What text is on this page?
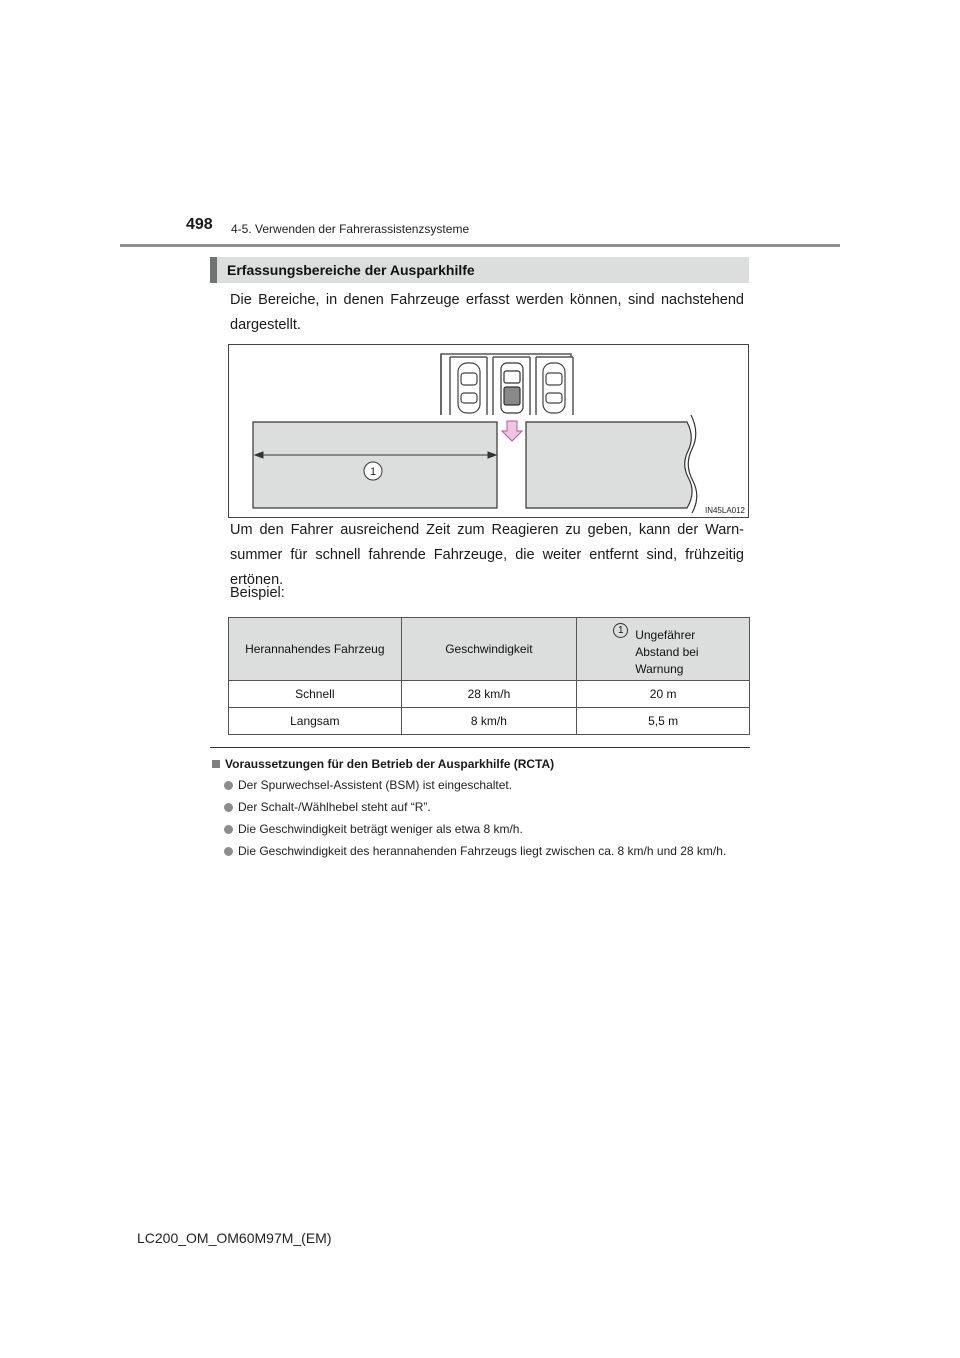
498 4-5. Verwenden der Fahrerassistenzsysteme
Erfassungsbereiche der Ausparkhilfe
Die Bereiche, in denen Fahrzeuge erfasst werden können, sind nachstehend dargestellt.
1
IN45LA012
Um den Fahrer ausreichend Zeit zum Reagieren zu geben, kann der Warn-summer für schnell fahrende Fahrzeuge, die weiter entfernt sind, frühzeitig ertönen.
Beispiel:
Herannahendes Fahrzeug	Geschwindigkeit	1 Ungefährer
Abstand bei
Warnung

Schnell	28 km/h	20 m
Langsam	8 km/h	5,5 m
Voraussetzungen für den Betrieb der Ausparkhilfe (RCTA)
Der Spurwechsel-Assistent (BSM) ist eingeschaltet.
Der Schalt-/Wählhebel steht auf “R”.
Die Geschwindigkeit beträgt weniger als etwa 8 km/h.
Die Geschwindigkeit des herannahenden Fahrzeugs liegt zwischen ca. 8 km/h und 28 km/h.
LC200_OM_OM60M97M_(EM)
